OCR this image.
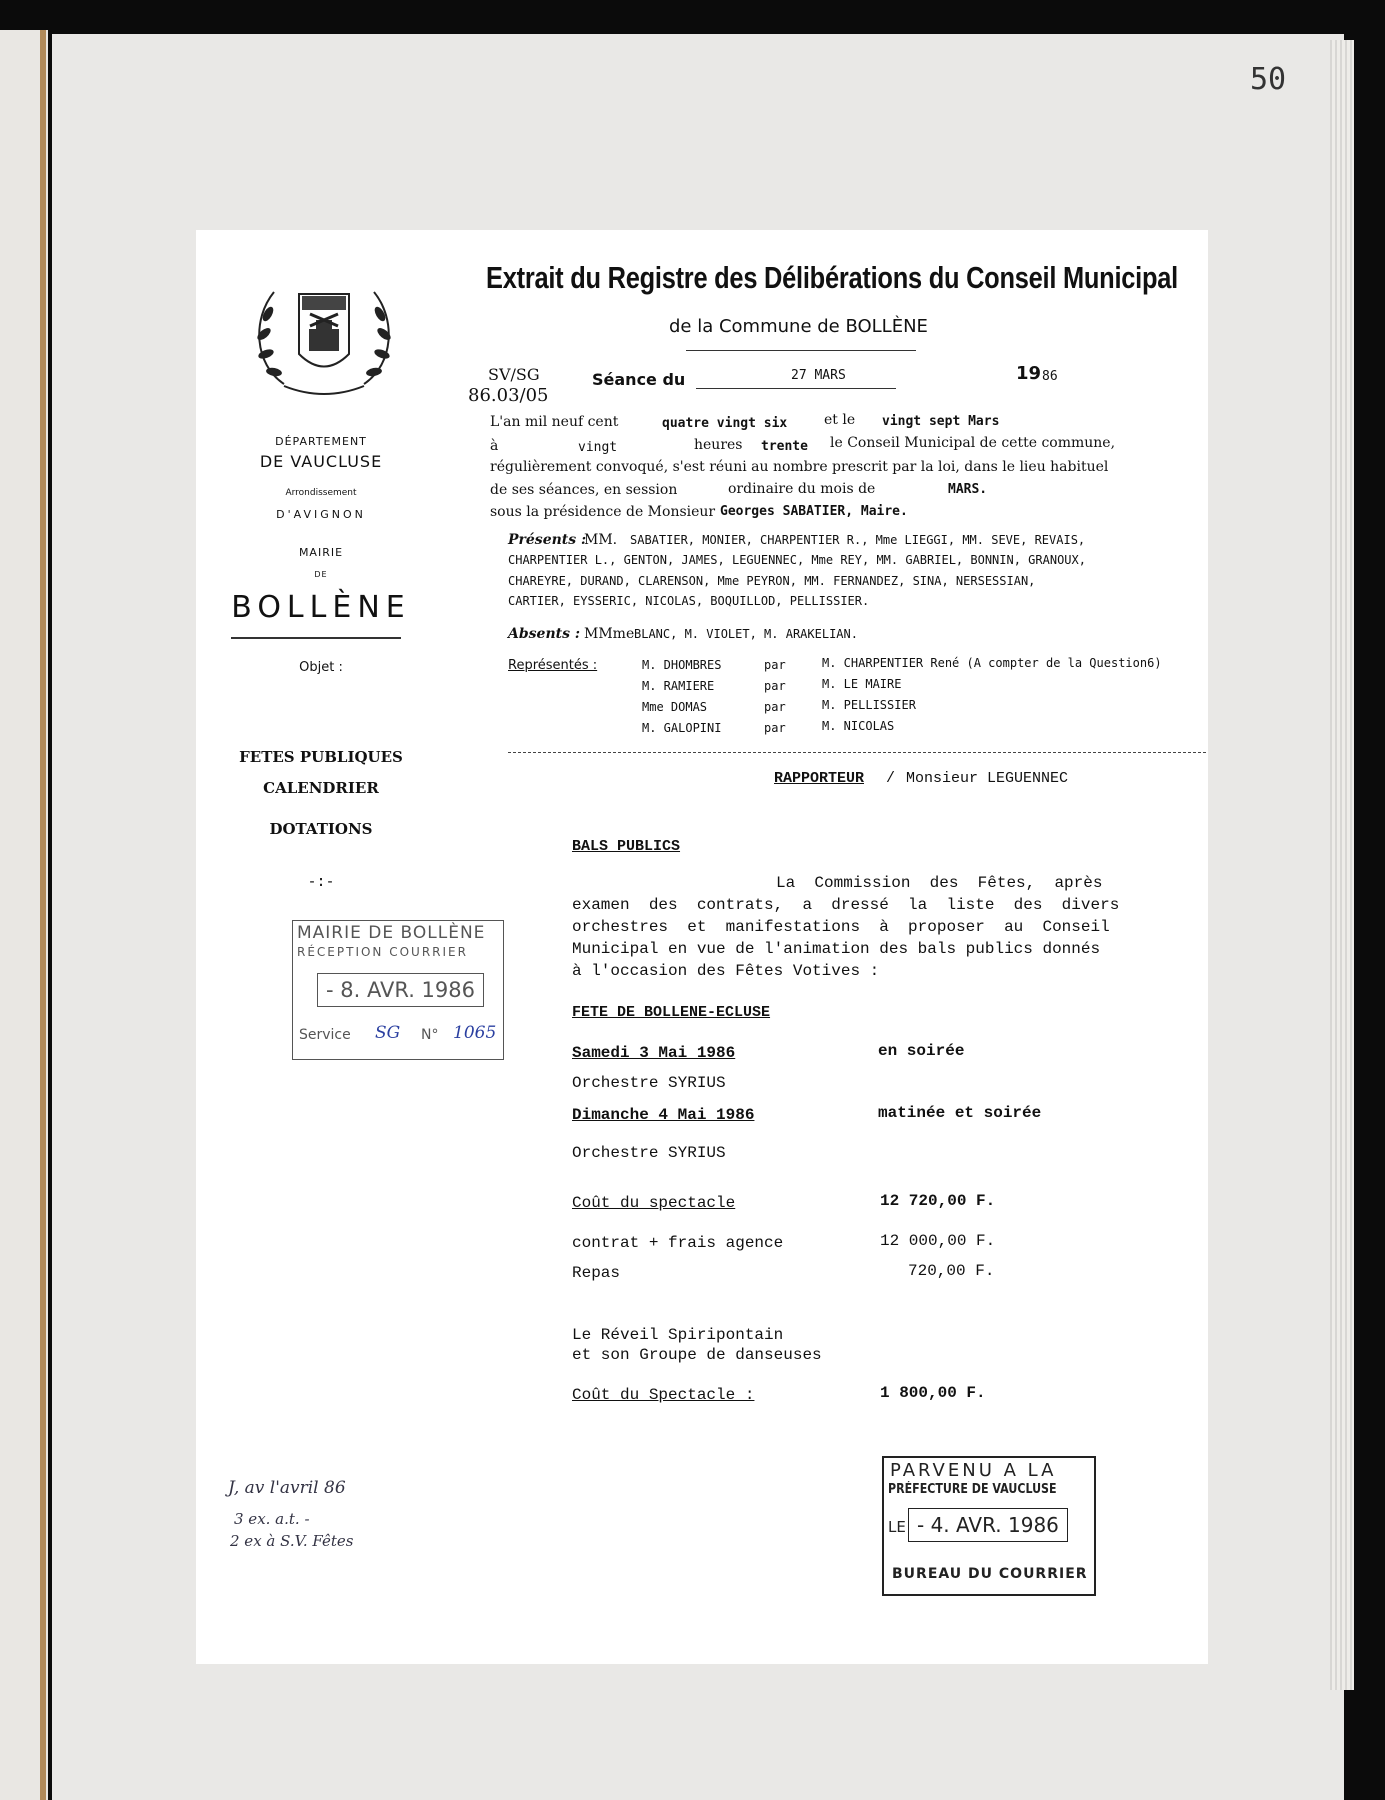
50
Extrait du Registre des Délibérations du Conseil Municipal
de la Commune de BOLLÈNE
DÉPARTEMENT
DE VAUCLUSE
Arrondissement
D'AVIGNON
MAIRIE
DE
BOLLÈNE
Objet :
FETES PUBLIQUES
CALENDRIER
DOTATIONS
-:-
MAIRIE DE BOLLÈNE
RÉCEPTION COURRIER
- 8. AVR. 1986
Service SG N° 1065
J, av l'avril 86
3 ex. a.t. -
2 ex à S.V. Fêtes
SV/SG
86.03/05
Séance du	27 MARS	19 86
L'an mil neuf cent	quatre vingt six	et le vingt sept Mars
à	vingt	heures trente le Conseil Municipal de cette commune,
régulièrement convoqué, s'est réuni au nombre prescrit par la loi, dans le lieu habituel
de ses séances, en session	ordinaire du mois de	MARS.
sous la présidence de Monsieur Georges SABATIER, Maire.
Présents :
MM. SABATIER, MONIER, CHARPENTIER R., Mme LIEGGI, MM. SEVE, REVAIS,
CHARPENTIER L., GENTON, JAMES, LEGUENNEC, Mme REY, MM. GABRIEL, BONNIN, GRANOUX,
CHAREYRE, DURAND, CLARENSON, Mme PEYRON, MM. FERNANDEZ, SINA, NERSESSIAN,
CARTIER, EYSSERIC, NICOLAS, BOQUILLOD, PELLISSIER.
Absents : MMme BLANC, M. VIOLET, M. ARAKELIAN.
Représentés :	M. DHOMBRES	par	M. CHARPENTIER René (A compter de la Question6)
M. RAMIERE	par	M. LE MAIRE
Mme DOMAS	par	M. PELLISSIER
M. GALOPINI	par	M. NICOLAS
RAPPORTEUR / Monsieur LEGUENNEC
BALS PUBLICS
La  Commission  des  Fêtes,  après
examen  des  contrats,  a  dressé  la  liste  des  divers
orchestres  et  manifestations  à  proposer  au  Conseil
Municipal en vue de l'animation des bals publics donnés
à l'occasion des Fêtes Votives :
FETE DE BOLLENE-ECLUSE
Samedi 3 Mai 1986	en soirée
Orchestre SYRIUS
Dimanche 4 Mai 1986	matinée et soirée
Orchestre SYRIUS
Coût du spectacle	12 720,00 F.
contrat + frais agence	12 000,00 F.
Repas	720,00 F.
Le Réveil Spiripontain
et son Groupe de danseuses
Coût du Spectacle :	1 800,00 F.
PARVENU A LA
PRÉFECTURE DE VAUCLUSE
LE - 4. AVR. 1986
BUREAU DU COURRIER
